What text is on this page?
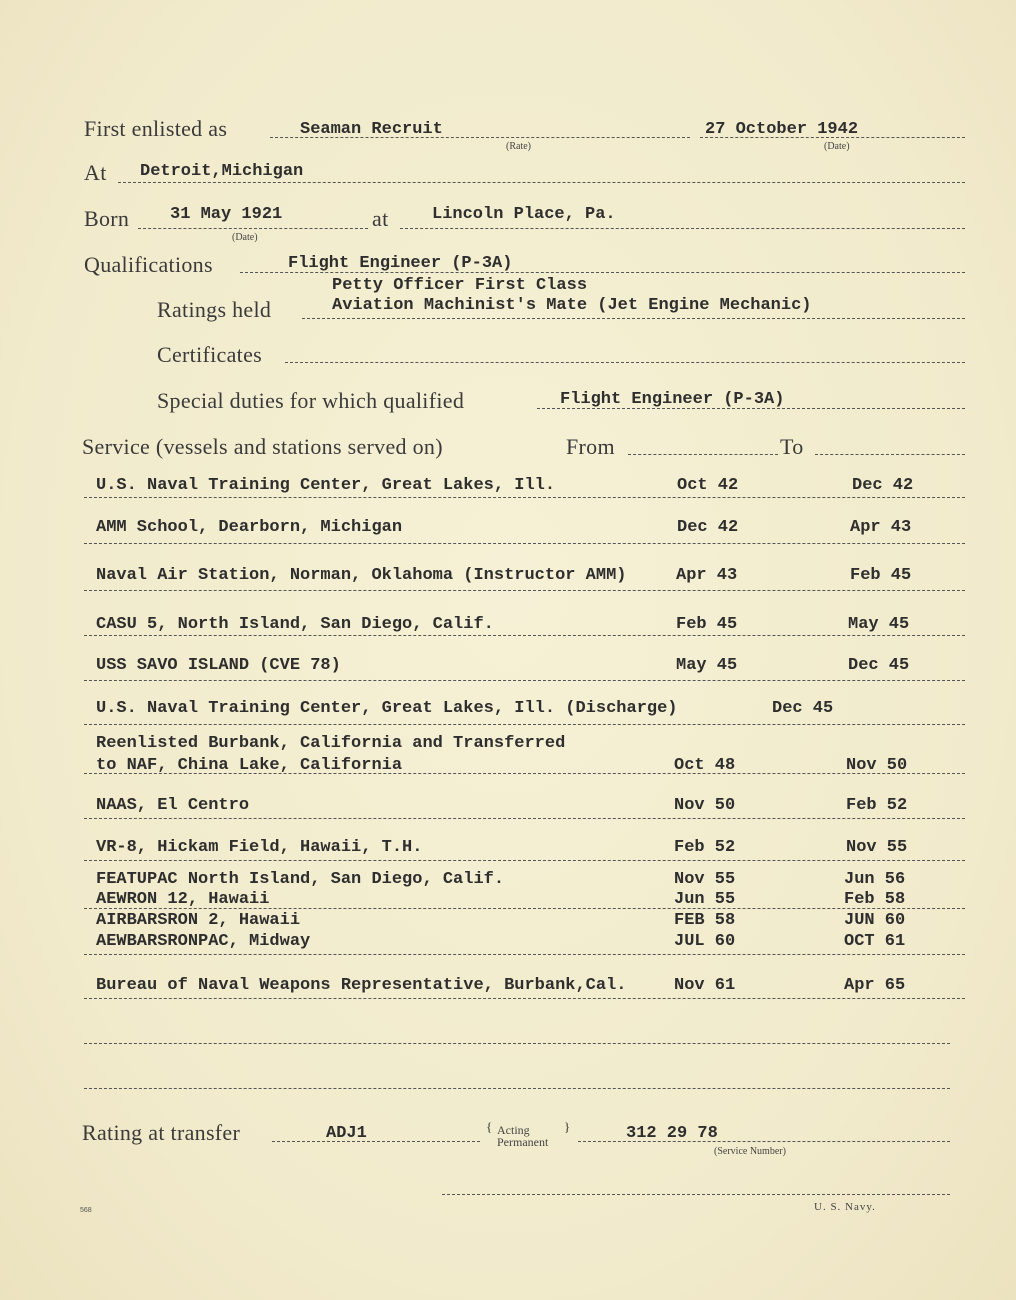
First enlisted as	Seaman Recruit
(Rate)
27 October 1942
(Date)
At Detroit,Michigan
Born 31 May 1921
(Date)
at	Lincoln Place, Pa.
Qualifications	Flight Engineer (P-3A)
Petty Officer First Class
Ratings held	Aviation Machinist's Mate (Jet Engine Mechanic)
Certificates
Special duties for which qualified	Flight Engineer (P-3A)
Service (vessels and stations served on)	From	To
U.S. Naval Training Center, Great Lakes, Ill.	Oct 42	Dec 42
AMM School, Dearborn, Michigan	Dec 42	Apr 43
Naval Air Station, Norman, Oklahoma (Instructor AMM)	Apr 43	Feb 45
CASU 5, North Island, San Diego, Calif.	Feb 45	May 45
USS SAVO ISLAND (CVE 78)	May 45	Dec 45
U.S. Naval Training Center, Great Lakes, Ill. (Discharge)	Dec 45
Reenlisted Burbank, California and Transferred
to NAF, China Lake, California	Oct 48	Nov 50
NAAS, El Centro	Nov 50	Feb 52
VR-8, Hickam Field, Hawaii, T.H.	Feb 52	Nov 55
FEATUPAC North Island, San Diego, Calif.	Nov 55	Jun 56
AEWRON 12, Hawaii	Jun 55	Feb 58
AIRBARSRON 2, Hawaii	FEB 58	JUN 60
AEWBARSRONPAC, Midway	JUL 60	OCT 61
Bureau of Naval Weapons Representative, Burbank,Cal.	Nov 61	Apr 65
Rating at transfer	ADJ1	{ Acting
Permanent
}	312 29 78
(Service Number)
568	U. S. Navy.
